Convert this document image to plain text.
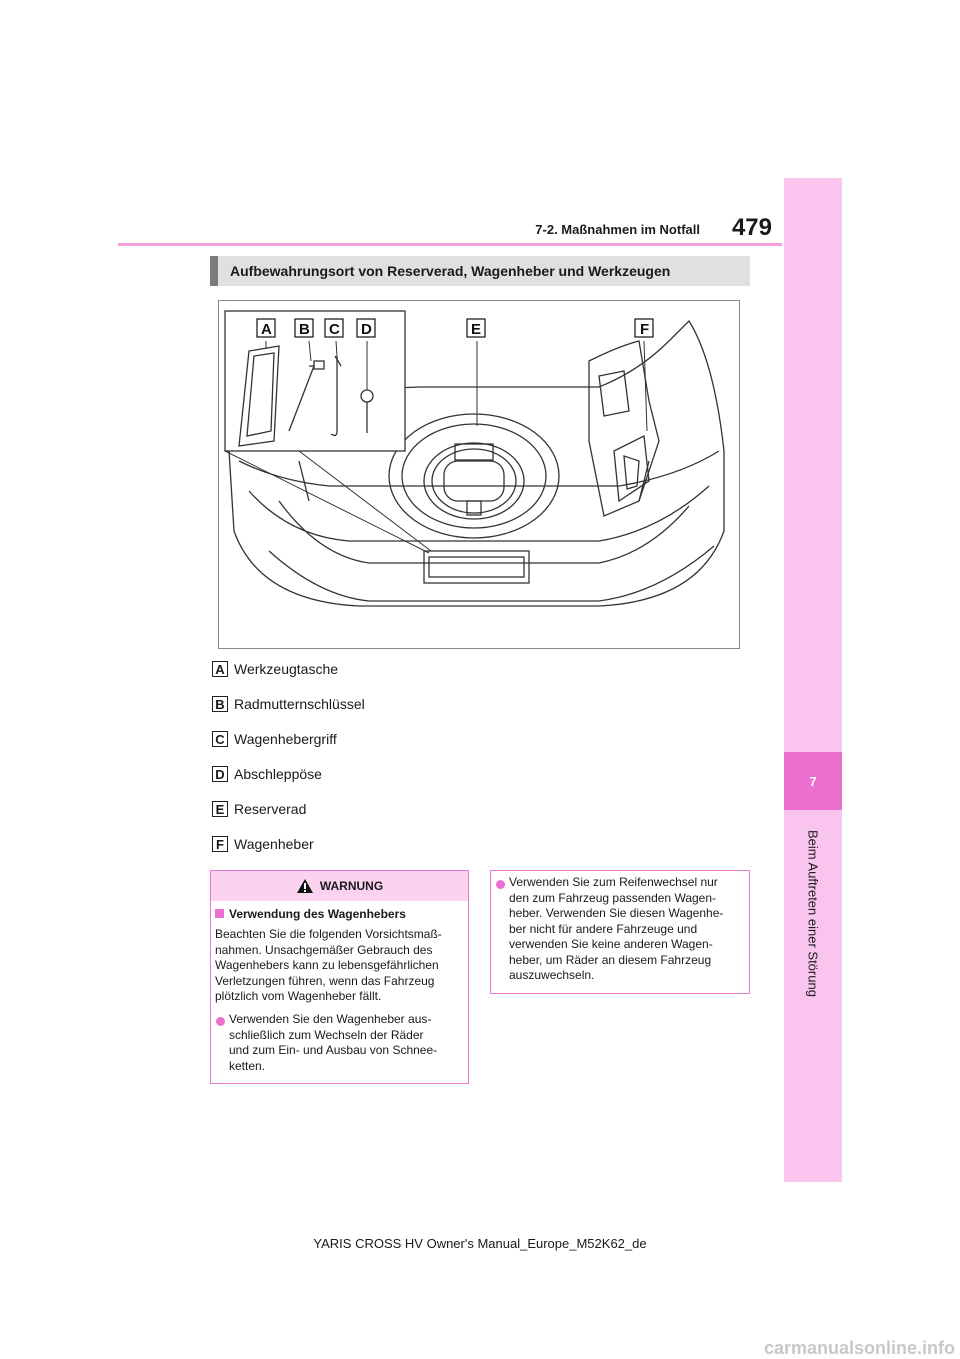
479
7-2. Maßnahmen im Notfall
7
Beim Auftreten einer Störung
Aufbewahrungsort von Reserverad, Wagenheber und Werkzeugen
A B C D	E	F
A Werkzeugtasche
B Radmutternschlüssel
C Wagenhebergriff
D Abschleppöse
E Reserverad
F Wagenheber
WARNUNG
Verwendung des Wagenhebers
Beachten Sie die folgenden Vorsichtsmaß-
nahmen. Unsachgemäßer Gebrauch des
Wagenhebers kann zu lebensgefährlichen
Verletzungen führen, wenn das Fahrzeug
plötzlich vom Wagenheber fällt.
Verwenden Sie den Wagenheber aus-
schließlich zum Wechseln der Räder
und zum Ein- und Ausbau von Schnee-
ketten.
Verwenden Sie zum Reifenwechsel nur
den zum Fahrzeug passenden Wagen-
heber. Verwenden Sie diesen Wagenhe-
ber nicht für andere Fahrzeuge und
verwenden Sie keine anderen Wagen-
heber, um Räder an diesem Fahrzeug
auszuwechseln.
YARIS CROSS HV Owner's Manual_Europe_M52K62_de
carmanualsonline.info
